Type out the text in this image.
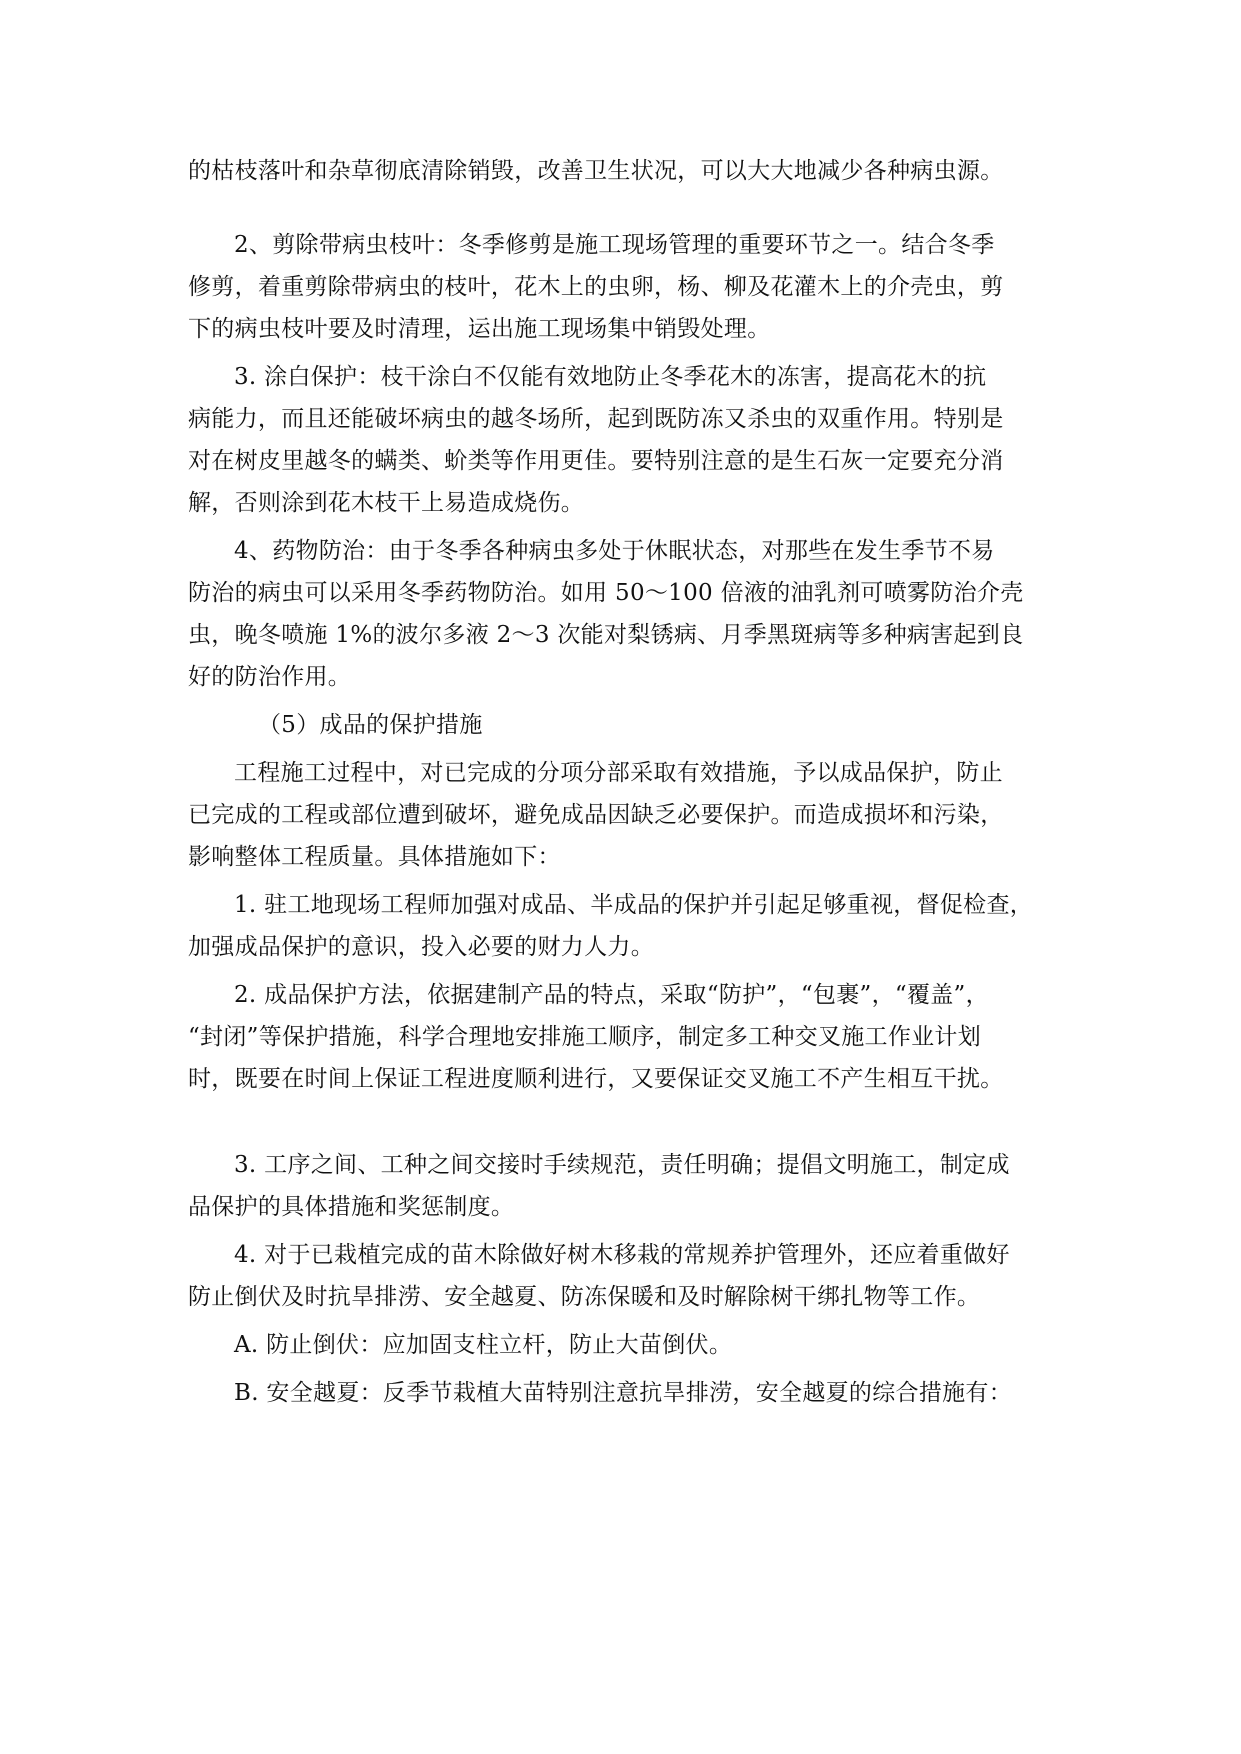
的枯枝落叶和杂草彻底清除销毁，改善卫生状况，可以大大地减少各种病虫源。
2、剪除带病虫枝叶：冬季修剪是施工现场管理的重要环节之一。结合冬季
修剪，着重剪除带病虫的枝叶，花木上的虫卵，杨、柳及花灌木上的介壳虫，剪
下的病虫枝叶要及时清理，运出施工现场集中销毁处理。
3. 涂白保护：枝干涂白不仅能有效地防止冬季花木的冻害，提高花木的抗
病能力，而且还能破坏病虫的越冬场所，起到既防冻又杀虫的双重作用。特别是
对在树皮里越冬的螨类、蚧类等作用更佳。要特别注意的是生石灰一定要充分消
解，否则涂到花木枝干上易造成烧伤。
4、药物防治：由于冬季各种病虫多处于休眠状态，对那些在发生季节不易
防治的病虫可以采用冬季药物防治。如用 50～100 倍液的油乳剂可喷雾防治介壳
虫，晚冬喷施 1%的波尔多液 2～3 次能对梨锈病、月季黑斑病等多种病害起到良
好的防治作用。
（5）成品的保护措施
工程施工过程中，对已完成的分项分部采取有效措施，予以成品保护，防止
已完成的工程或部位遭到破坏，避免成品因缺乏必要保护。而造成损坏和污染，
影响整体工程质量。具体措施如下：
1. 驻工地现场工程师加强对成品、半成品的保护并引起足够重视，督促检查，
加强成品保护的意识，投入必要的财力人力。
2. 成品保护方法，依据建制产品的特点，采取“防护”，“包裹”，“覆盖”，
“封闭”等保护措施，科学合理地安排施工顺序，制定多工种交叉施工作业计划
时，既要在时间上保证工程进度顺利进行，又要保证交叉施工不产生相互干扰。
3. 工序之间、工种之间交接时手续规范，责任明确；提倡文明施工，制定成
品保护的具体措施和奖惩制度。
4. 对于已栽植完成的苗木除做好树木移栽的常规养护管理外，还应着重做好
防止倒伏及时抗旱排涝、安全越夏、防冻保暖和及时解除树干绑扎物等工作。
A. 防止倒伏：应加固支柱立杆，防止大苗倒伏。
B. 安全越夏：反季节栽植大苗特别注意抗旱排涝，安全越夏的综合措施有：
